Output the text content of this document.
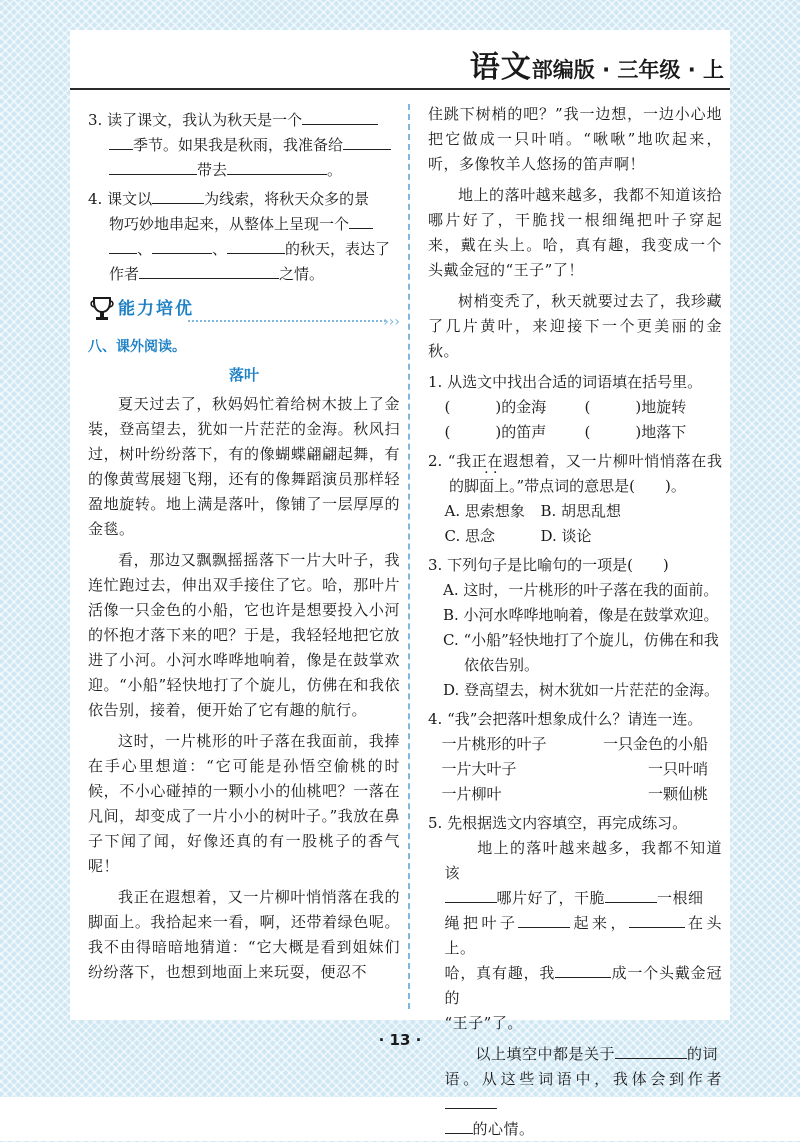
语文部编版 · 三年级 · 上

3. 读了课文，我认为秋天是一个
季节。如果我是秋雨，我准备给
带去	。

4. 课文以	为线索，将秋天众多的景
物巧妙地串起来，从整体上呈现一个
、	、	的秋天，表达了
作者	之情。

能力培优
›››

八、课外阅读。

落叶

夏天过去了，秋妈妈忙着给树木披上了金装，登高望去，犹如一片茫茫的金海。秋风扫过，树叶纷纷落下，有的像蝴蝶翩翩起舞，有的像黄莺展翅飞翔，还有的像舞蹈演员那样轻盈地旋转。地上满是落叶，像铺了一层厚厚的金毯。

看，那边又飘飘摇摇落下一片大叶子，我连忙跑过去，伸出双手接住了它。哈，那叶片活像一只金色的小船，它也许是想要投入小河的怀抱才落下来的吧？于是，我轻轻地把它放进了小河。小河水哗哗地响着，像是在鼓掌欢迎。“小船”轻快地打了个旋儿，仿佛在和我依依告别，接着，便开始了它有趣的航行。

这时，一片桃形的叶子落在我面前，我捧在手心里想道：“它可能是孙悟空偷桃的时候，不小心碰掉的一颗小小的仙桃吧？一落在凡间，却变成了一片小小的树叶子。”我放在鼻子下闻了闻，好像还真的有一股桃子的香气呢！

我正在遐想着，又一片柳叶悄悄落在我的脚面上。我拾起来一看，啊，还带着绿色呢。我不由得暗暗地猜道：“它大概是看到姐妹们纷纷落下，也想到地面上来玩耍，便忍不

住跳下树梢的吧？”我一边想，一边小心地把它做成一只叶哨。“啾啾”地吹起来，听，多像牧羊人悠扬的笛声啊！

地上的落叶越来越多，我都不知道该拾哪片好了，干脆找一根细绳把叶子穿起来，戴在头上。哈，真有趣，我变成一个头戴金冠的“王子”了！

树梢变秃了，秋天就要过去了，我珍藏了几片黄叶，来迎接下一个更美丽的金秋。

1. 从选文中找出合适的词语填在括号里。

(　　　)的金海	(　　　)地旋转
(　　　)的笛声	(　　　)地落下

2. “我正在遐想 · ·着，又一片柳叶悄悄落在我的脚面上。”带点词的意思是(　　)。

A. 思索想象	B. 胡思乱想
C. 思念	D. 谈论

3. 下列句子是比喻句的一项是(　　)

A. 这时，一片桃形的叶子落在我的面前。

B. 小河水哗哗地响着，像是在鼓掌欢迎。

C. “小船”轻快地打了个旋儿，仿佛在和我依依告别。

D. 登高望去，树木犹如一片茫茫的金海。

4. “我”会把落叶想象成什么？请连一连。

一片桃形的叶子	一只金色的小船
一片大叶子	一只叶哨
一片柳叶	一颗仙桃

5. 先根据选文内容填空，再完成练习。

　　地上的落叶越来越多，我都不知道该
哪片好了，干脆	一根细
绳把叶子	起来，	在头上。
哈，真有趣，我	成一个头戴金冠的
“王子”了。

　　以上填空中都是关于	的词
语。从这些词语中，我体会到作者
的心情。

· 13 ·
